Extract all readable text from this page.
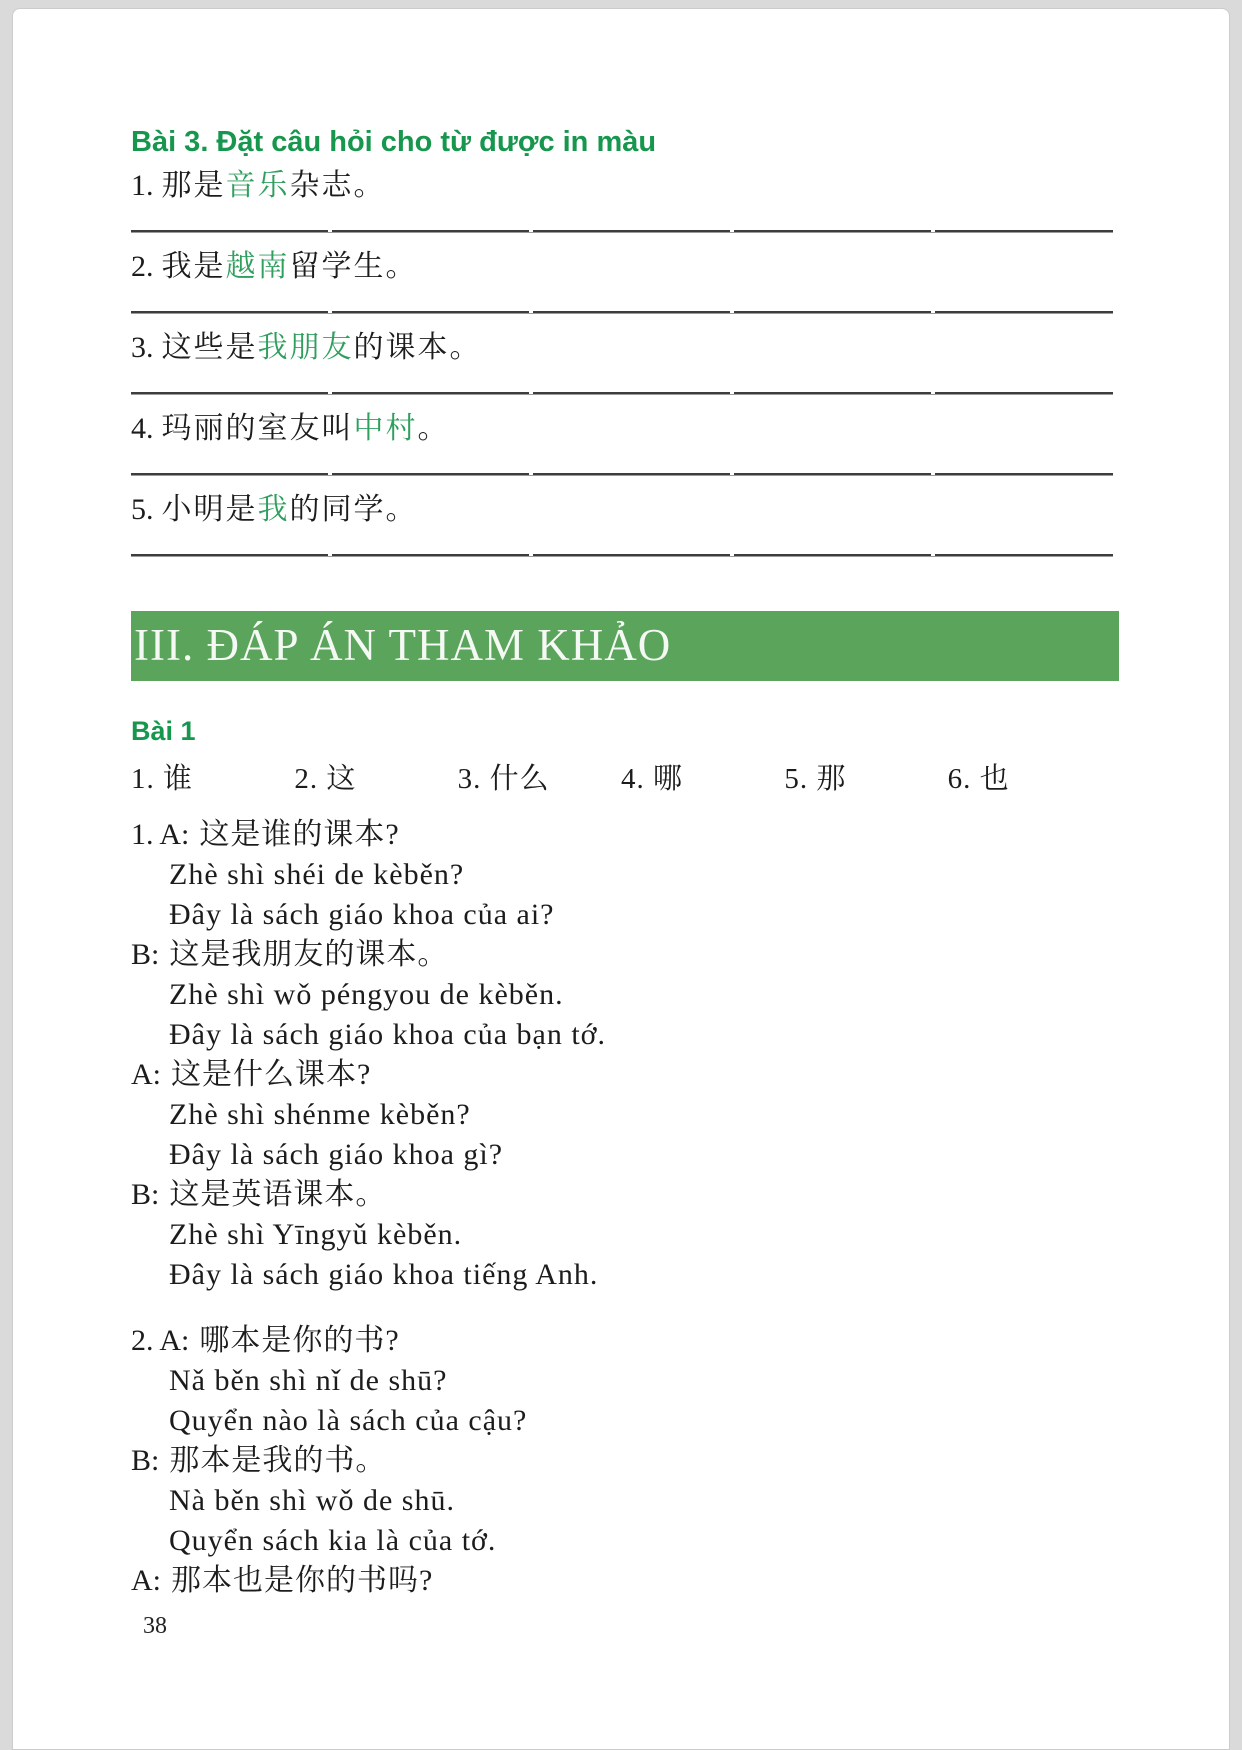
Bài 3. Đặt câu hỏi cho từ được in màu
1. 那是音乐杂志。
2. 我是越南留学生。
3. 这些是我朋友的课本。
4. 玛丽的室友叫中村。
5. 小明是我的同学。
III. ĐÁP ÁN THAM KHẢO
Bài 1
1. 谁	2. 这	3. 什么	4. 哪	5. 那	6. 也
1. A: 这是谁的课本?
Zhè shì shéi de kèběn?
Đây là sách giáo khoa của ai?
B: 这是我朋友的课本。
Zhè shì wǒ péngyou de kèběn.
Đây là sách giáo khoa của bạn tớ.
A: 这是什么课本?
Zhè shì shénme kèběn?
Đây là sách giáo khoa gì?
B: 这是英语课本。
Zhè shì Yīngyǔ kèběn.
Đây là sách giáo khoa tiếng Anh.
2. A: 哪本是你的书?
Nǎ běn shì nǐ de shū?
Quyển nào là sách của cậu?
B: 那本是我的书。
Nà běn shì wǒ de shū.
Quyển sách kia là của tớ.
A: 那本也是你的书吗?
38
